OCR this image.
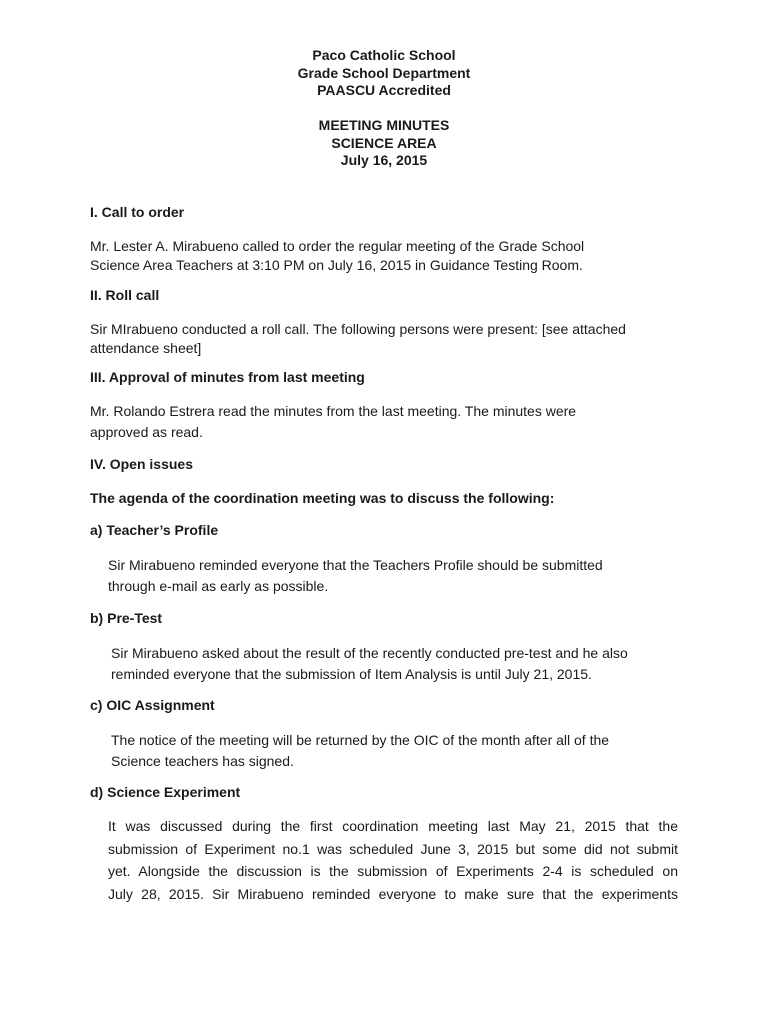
Paco Catholic School
Grade School Department
PAASCU Accredited
MEETING MINUTES
SCIENCE AREA
July 16, 2015
I. Call to order
Mr. Lester A. Mirabueno called to order the regular meeting of the Grade School
Science Area Teachers at 3:10 PM on July 16, 2015 in Guidance Testing Room.
II. Roll call
Sir MIrabueno conducted a roll call. The following persons were present: [see attached
attendance sheet]
III. Approval of minutes from last meeting
Mr. Rolando Estrera read the minutes from the last meeting. The minutes were
approved as read.
IV. Open issues
The agenda of the coordination meeting was to discuss the following:
a) Teacher’s Profile
Sir Mirabueno reminded everyone that the Teachers Profile should be submitted
through e-mail as early as possible.
b) Pre-Test
Sir Mirabueno asked about the result of the recently conducted pre-test and he also
reminded everyone that the submission of Item Analysis is until July 21, 2015.
c) OIC Assignment
The notice of the meeting will be returned by the OIC of the month after all of the
Science teachers has signed.
d) Science Experiment
It was discussed during the first coordination meeting last May 21, 2015 that the
submission of Experiment no.1 was scheduled June 3, 2015 but some did not submit
yet. Alongside the discussion is the submission of Experiments 2-4 is scheduled on
July 28, 2015. Sir Mirabueno reminded everyone to make sure that the experiments
